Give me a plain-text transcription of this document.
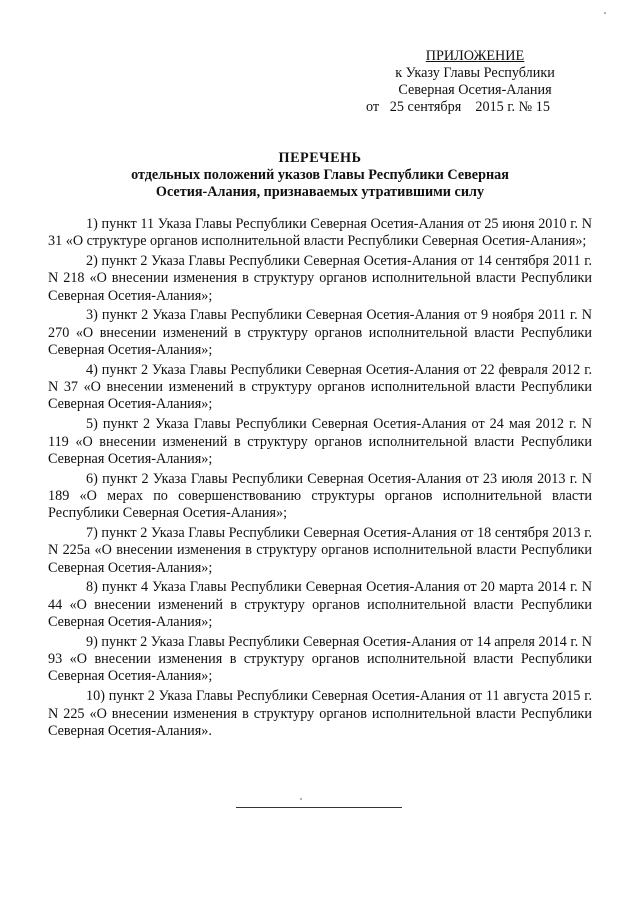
ПРИЛОЖЕНИЕ
к Указу Главы Республики
Северная Осетия-Алания
от   25 сентября    2015 г. № 15
ПЕРЕЧЕНЬ
отдельных положений указов Главы Республики Северная
Осетия-Алания, признаваемых утратившими силу

1) пункт 11 Указа Главы Республики Северная Осетия-Алания от 25 июня 2010 г. N 31 «О структуре органов исполнительной власти Республики Северная Осетия-Алания»;

2) пункт 2 Указа Главы Республики Северная Осетия-Алания от 14 сентября 2011 г. N 218 «О внесении изменения в структуру органов исполнительной власти Республики Северная Осетия-Алания»;

3) пункт 2 Указа Главы Республики Северная Осетия-Алания от 9 ноября 2011 г. N 270 «О внесении изменений в структуру органов исполнительной власти Республики Северная Осетия-Алания»;

4) пункт 2 Указа Главы Республики Северная Осетия-Алания от 22 февраля 2012 г. N 37 «О внесении изменений в структуру органов исполнительной власти Республики Северная Осетия-Алания»;

5) пункт 2 Указа Главы Республики Северная Осетия-Алания от 24 мая 2012 г. N 119 «О внесении изменений в структуру органов исполнительной власти Республики Северная Осетия-Алания»;

6) пункт 2 Указа Главы Республики Северная Осетия-Алания от 23 июля 2013 г. N 189 «О мерах по совершенствованию структуры органов исполнительной власти Республики Северная Осетия-Алания»;

7) пункт 2 Указа Главы Республики Северная Осетия-Алания от 18 сентября 2013 г. N 225а «О внесении изменения в структуру органов исполнительной власти Республики Северная Осетия-Алания»;

8) пункт 4 Указа Главы Республики Северная Осетия-Алания от 20 марта 2014 г. N 44 «О внесении изменений в структуру органов исполнительной власти Республики Северная Осетия-Алания»;

9) пункт 2 Указа Главы Республики Северная Осетия-Алания от 14 апреля 2014 г. N 93 «О внесении изменения в структуру органов исполнительной власти Республики Северная Осетия-Алания»;

10) пункт 2 Указа Главы Республики Северная Осетия-Алания от 11 августа 2015 г. N 225 «О внесении изменения в структуру органов исполнительной власти Республики Северная Осетия-Алания».
